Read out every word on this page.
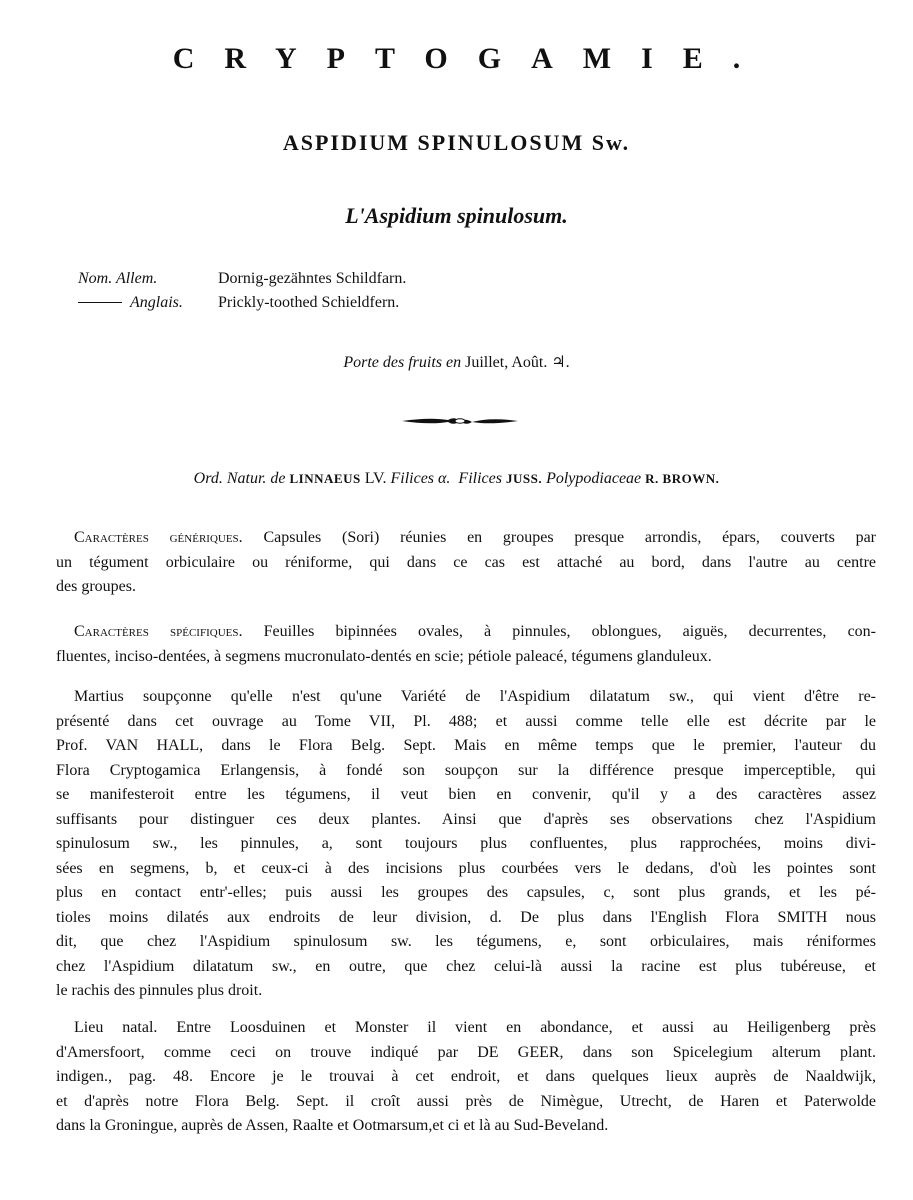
CRYPTOGAMIE.
ASPIDIUM SPINULOSUM Sw.
L'Aspidium spinulosum.
Nom. Allem.	Dornig-gezähntes Schildfarn.
Anglais.	Prickly-toothed Schieldfern.
Porte des fruits en Juillet, Août. ♃.
Ord. Natur. de LINNAEUS LV. Filices α. Filices JUSS. Polypodiaceae R. BROWN.
Caractères génériques. Capsules (Sori) réunies en groupes presque arrondis, épars, couverts par
un tégument orbiculaire ou réniforme, qui dans ce cas est attaché au bord, dans l'autre au centre
des groupes.
Caractères spécifiques. Feuilles bipinnées ovales, à pinnules, oblongues, aiguës, decurrentes, con-
fluentes, inciso-dentées, à segmens mucronulato-dentés en scie; pétiole paleacé, tégumens glanduleux.
Martius soupçonne qu'elle n'est qu'une Variété de l'Aspidium dilatatum sw., qui vient d'être re-
présenté dans cet ouvrage au Tome VII, Pl. 488; et aussi comme telle elle est décrite par le
Prof. VAN HALL, dans le Flora Belg. Sept. Mais en même temps que le premier, l'auteur du
Flora Cryptogamica Erlangensis, à fondé son soupçon sur la différence presque imperceptible, qui
se manifesteroit entre les tégumens, il veut bien en convenir, qu'il y a des caractères assez
suffisants pour distinguer ces deux plantes. Ainsi que d'après ses observations chez l'Aspidium
spinulosum sw., les pinnules, a, sont toujours plus confluentes, plus rapprochées, moins divi-
sées en segmens, b, et ceux-ci à des incisions plus courbées vers le dedans, d'où les pointes sont
plus en contact entr'-elles; puis aussi les groupes des capsules, c, sont plus grands, et les pé-
tioles moins dilatés aux endroits de leur division, d. De plus dans l'English Flora SMITH nous
dit, que chez l'Aspidium spinulosum sw. les tégumens, e, sont orbiculaires, mais réniformes
chez l'Aspidium dilatatum sw., en outre, que chez celui-là aussi la racine est plus tubéreuse, et
le rachis des pinnules plus droit.
Lieu natal. Entre Loosduinen et Monster il vient en abondance, et aussi au Heiligenberg près
d'Amersfoort, comme ceci on trouve indiqué par DE GEER, dans son Spicelegium alterum plant.
indigen., pag. 48. Encore je le trouvai à cet endroit, et dans quelques lieux auprès de Naaldwijk,
et d'après notre Flora Belg. Sept. il croît aussi près de Nimègue, Utrecht, de Haren et Paterwolde
dans la Groningue, auprès de Assen, Raalte et Ootmarsum,et ci et là au Sud-Beveland.
